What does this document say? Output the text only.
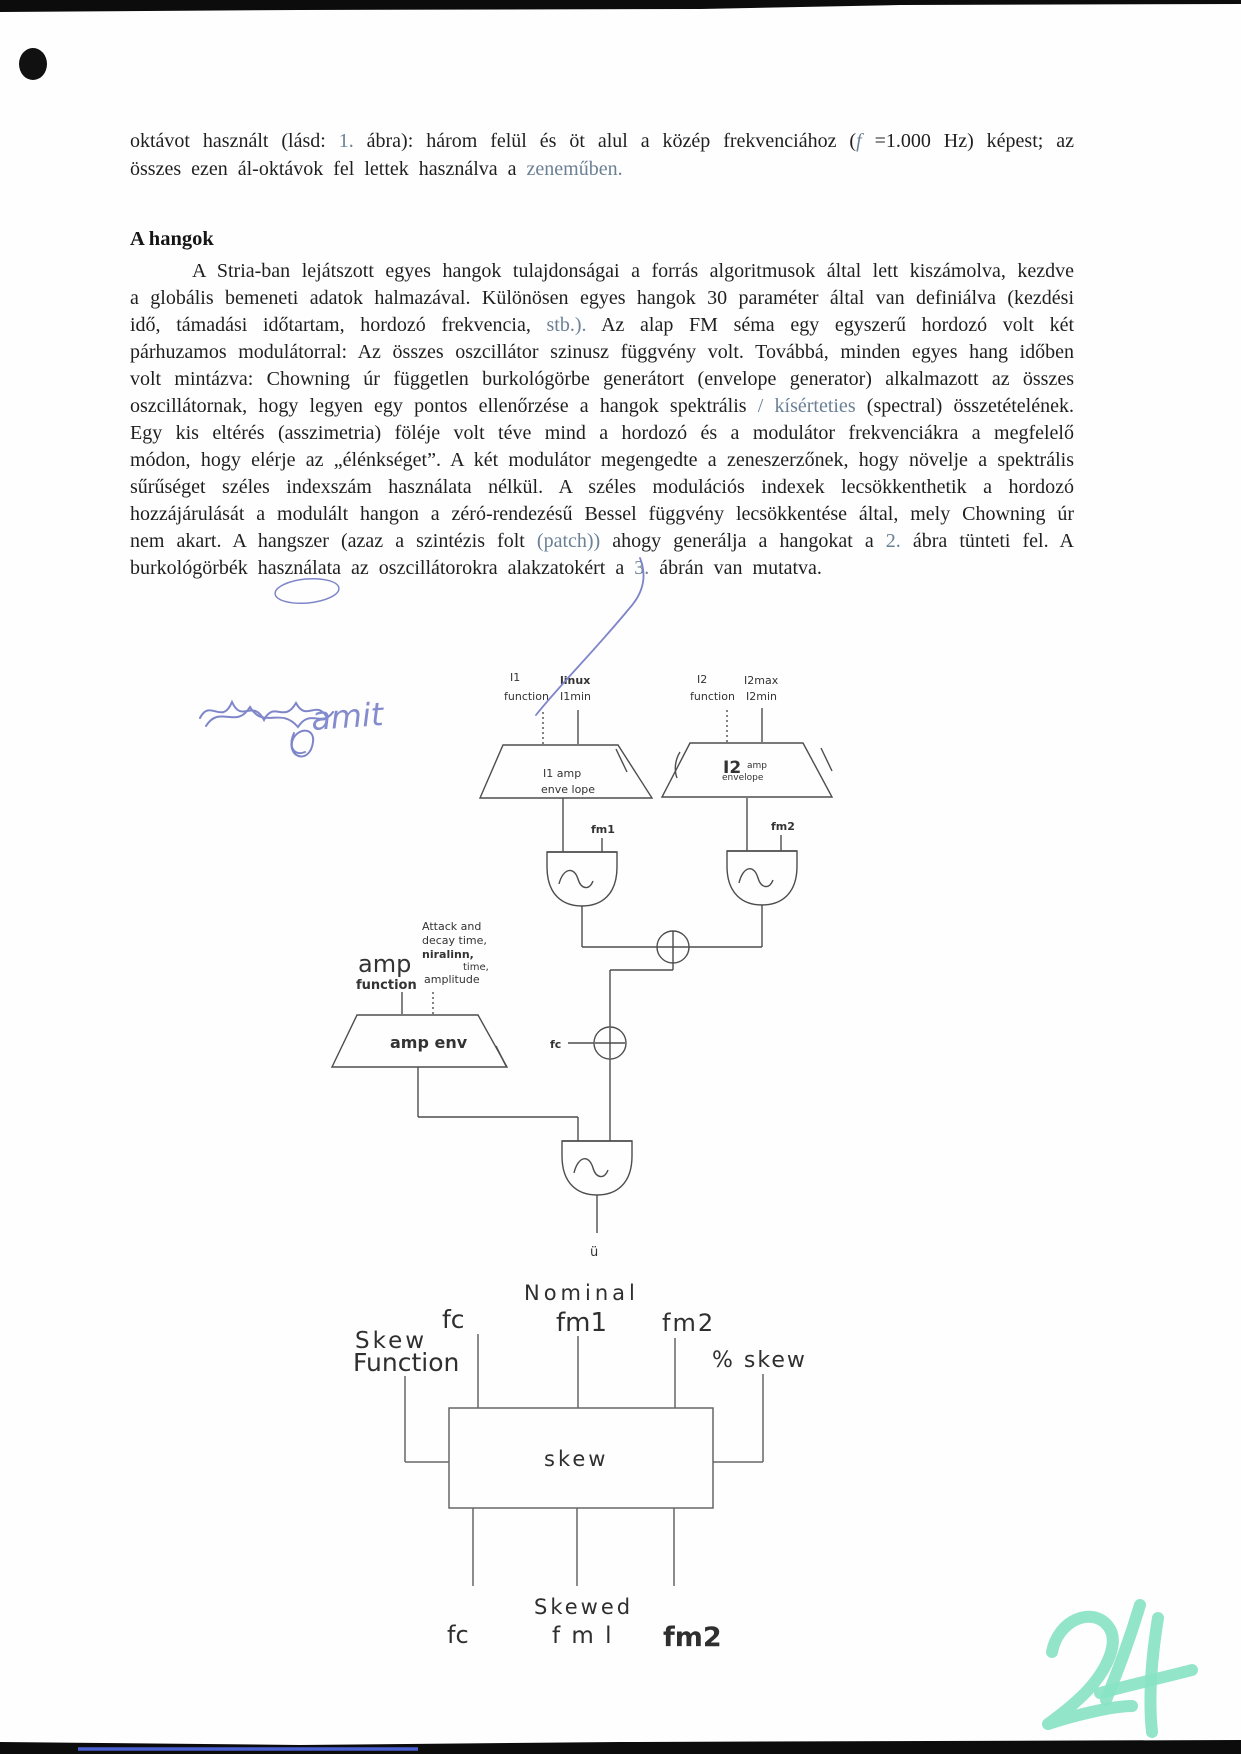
oktávot használt (lásd: 1. ábra): három felül és öt alul a közép frekvenciához (f =1.000 Hz) képest; az összes ezen ál-oktávok fel lettek használva a zeneműben.
A hangok
A Stria-ban lejátszott egyes hangok tulajdonságai a forrás algoritmusok által lett kiszámolva, kezdve a globális bemeneti adatok halmazával. Különösen egyes hangok 30 paraméter által van definiálva (kezdési idő, támadási időtartam, hordozó frekvencia, stb.). Az alap FM séma egy egyszerű hordozó volt két párhuzamos modulátorral: Az összes oszcillátor szinusz függvény volt. Továbbá, minden egyes hang időben volt mintázva: Chowning úr független burkológörbe generátort (envelope generator) alkalmazott az összes oszcillátornak, hogy legyen egy pontos ellenőrzése a hangok spektrális / kísérteties (spectral) összetételének. Egy kis eltérés (asszimetria) föléje volt téve mind a hordozó és a modulátor frekvenciákra a megfelelő módon, hogy elérje az „élénkséget”. A két modulátor megengedte a zeneszerzőnek, hogy növelje a spektrális sűrűséget széles indexszám használata nélkül. A széles modulációs indexek lecsökkenthetik a hordozó hozzájárulását a modulált hangon a zéró-rendezésű Bessel függvény lecsökkentése által, mely Chowning úr nem akart. A hangszer (azaz a szintézis folt (patch)) ahogy generálja a hangokat a 2. ábra tünteti fel. A burkológörbék használata az oszcillátorokra alakzatokért a 3. ábrán van mutatva.
I1
function
linux
I1min
I2
function
I2max
I2min
I1 amp
enve lope
I2 amp
envelope
fm1	fm2
Attack and
decay time,
niralinn,
time,
amplitude
amp
function
amp env	fc
ü
Nominal
fc	fm1 fm2
Skew
Function	% skew
skew
Skewed
fc	f m l fm2
amit
